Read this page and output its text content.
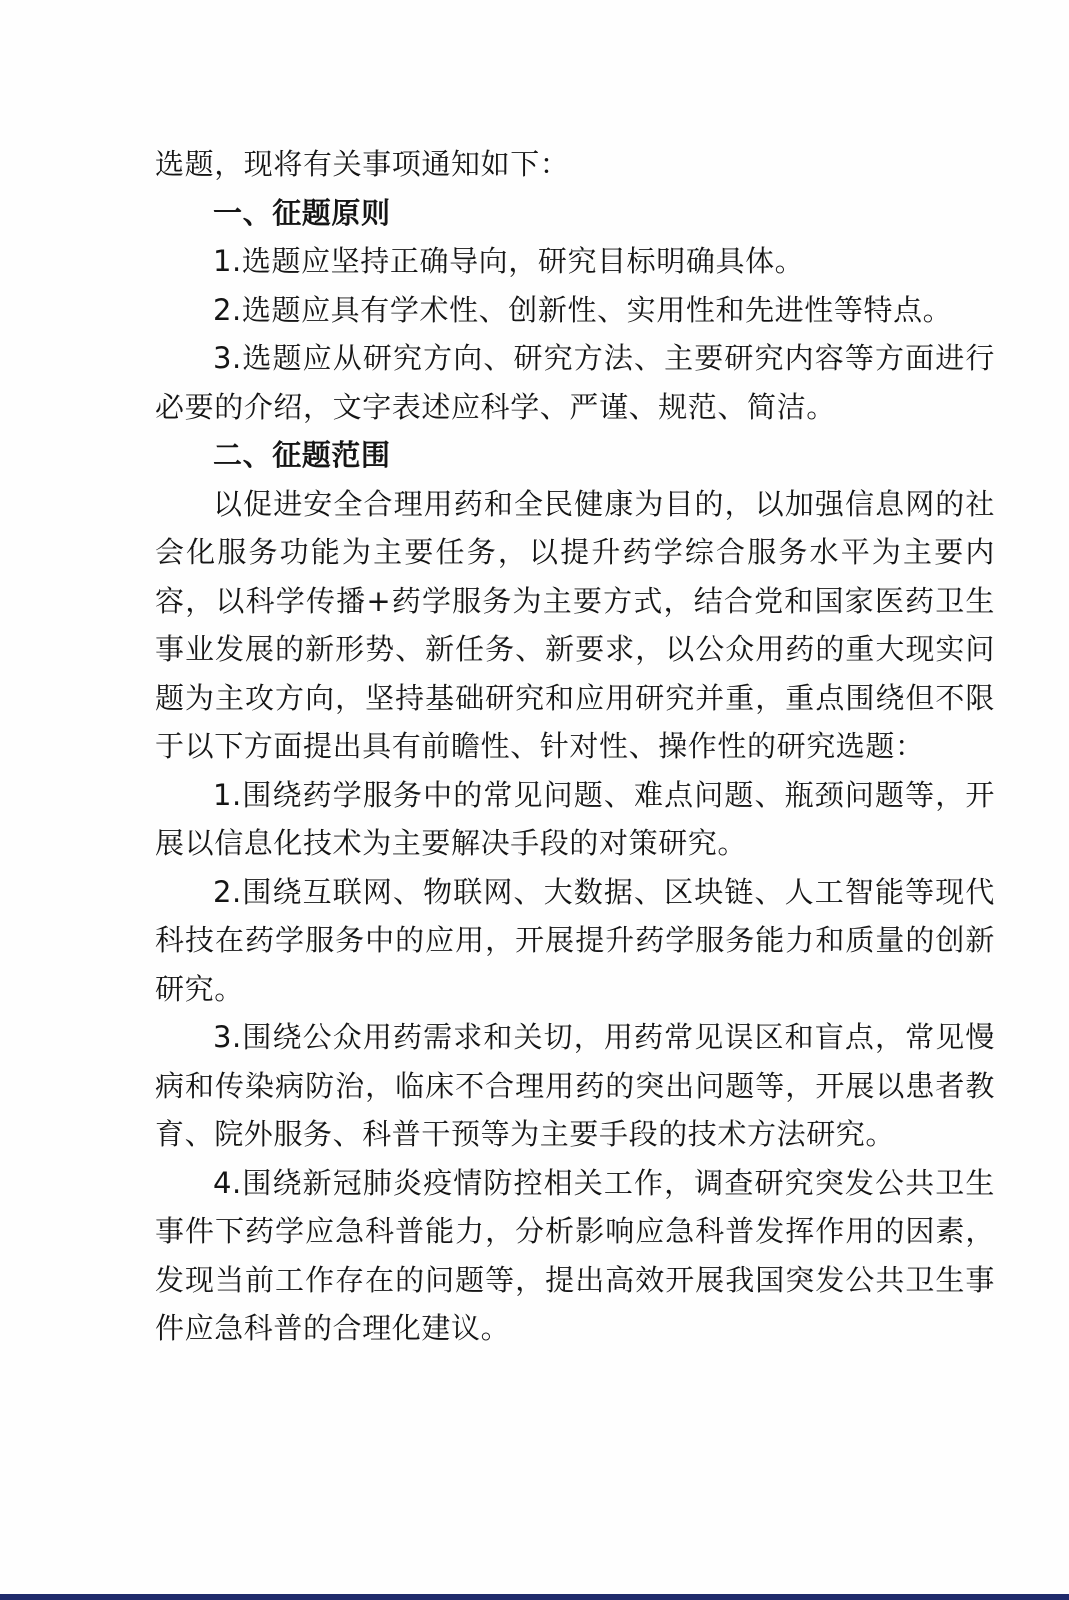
选题，现将有关事项通知如下：

一、征题原则

1.选题应坚持正确导向，研究目标明确具体。

2.选题应具有学术性、创新性、实用性和先进性等特点。

3.选题应从研究方向、研究方法、主要研究内容等方面进行必要的介绍，文字表述应科学、严谨、规范、简洁。

二、征题范围

以促进安全合理用药和全民健康为目的，以加强信息网的社会化服务功能为主要任务，以提升药学综合服务水平为主要内容，以科学传播+药学服务为主要方式，结合党和国家医药卫生事业发展的新形势、新任务、新要求，以公众用药的重大现实问题为主攻方向，坚持基础研究和应用研究并重，重点围绕但不限于以下方面提出具有前瞻性、针对性、操作性的研究选题：

1.围绕药学服务中的常见问题、难点问题、瓶颈问题等，开展以信息化技术为主要解决手段的对策研究。

2.围绕互联网、物联网、大数据、区块链、人工智能等现代科技在药学服务中的应用，开展提升药学服务能力和质量的创新研究。

3.围绕公众用药需求和关切，用药常见误区和盲点，常见慢病和传染病防治，临床不合理用药的突出问题等，开展以患者教育、院外服务、科普干预等为主要手段的技术方法研究。

4.围绕新冠肺炎疫情防控相关工作，调查研究突发公共卫生事件下药学应急科普能力，分析影响应急科普发挥作用的因素，发现当前工作存在的问题等，提出高效开展我国突发公共卫生事件应急科普的合理化建议。
